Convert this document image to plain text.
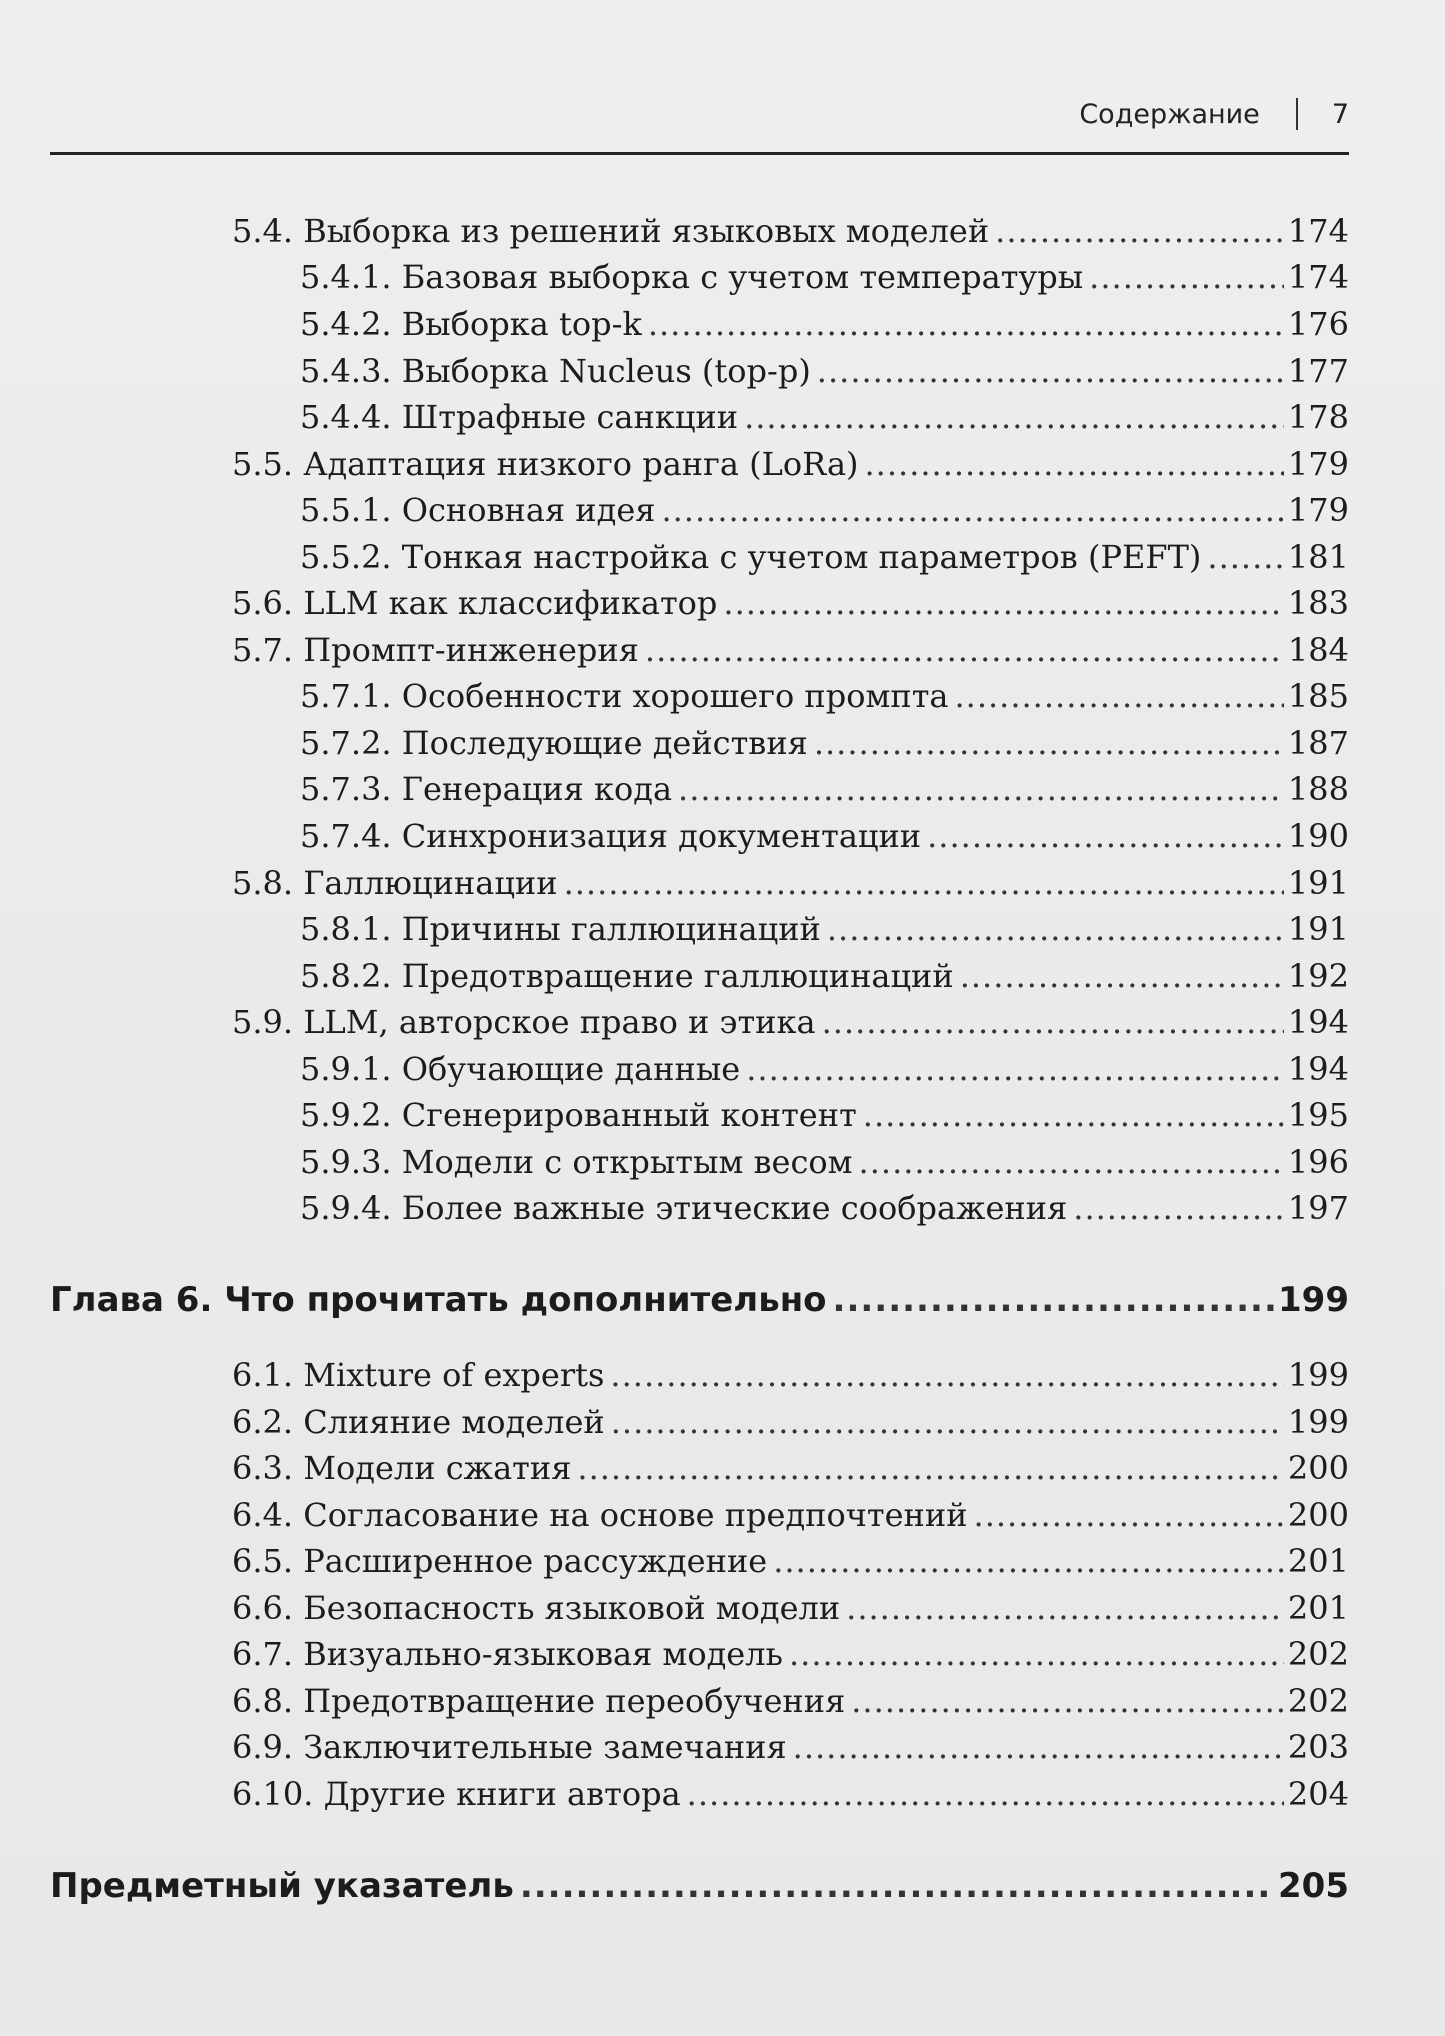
Содержание	7
5.4. Выборка из решений языковых моделей .....	174
5.4.1. Базовая выборка с учетом температуры .....	174
5.4.2. Выборка top-k .....	176
5.4.3. Выборка Nucleus (top-p) .....	177
5.4.4. Штрафные санкции .....	178
5.5. Адаптация низкого ранга (LoRa) .....	179
5.5.1. Основная идея .....	179
5.5.2. Тонкая настройка с учетом параметров (PEFT) .....	181
5.6. LLM как классификатор .....	183
5.7. Промпт-инженерия .....	184
5.7.1. Особенности хорошего промпта .....	185
5.7.2. Последующие действия .....	187
5.7.3. Генерация кода .....	188
5.7.4. Синхронизация документации .....	190
5.8. Галлюцинации .....	191
5.8.1. Причины галлюцинаций .....	191
5.8.2. Предотвращение галлюцинаций .....	192
5.9. LLM, авторское право и этика .....	194
5.9.1. Обучающие данные .....	194
5.9.2. Сгенерированный контент .....	195
5.9.3. Модели с открытым весом .....	196
5.9.4. Более важные этические соображения .....	197
Глава 6. Что прочитать дополнительно .....	199
6.1. Mixture of experts .....	199
6.2. Слияние моделей .....	199
6.3. Модели сжатия .....	200
6.4. Согласование на основе предпочтений .....	200
6.5. Расширенное рассуждение .....	201
6.6. Безопасность языковой модели .....	201
6.7. Визуально-языковая модель .....	202
6.8. Предотвращение переобучения .....	202
6.9. Заключительные замечания .....	203
6.10. Другие книги автора .....	204
Предметный указатель .....	205
